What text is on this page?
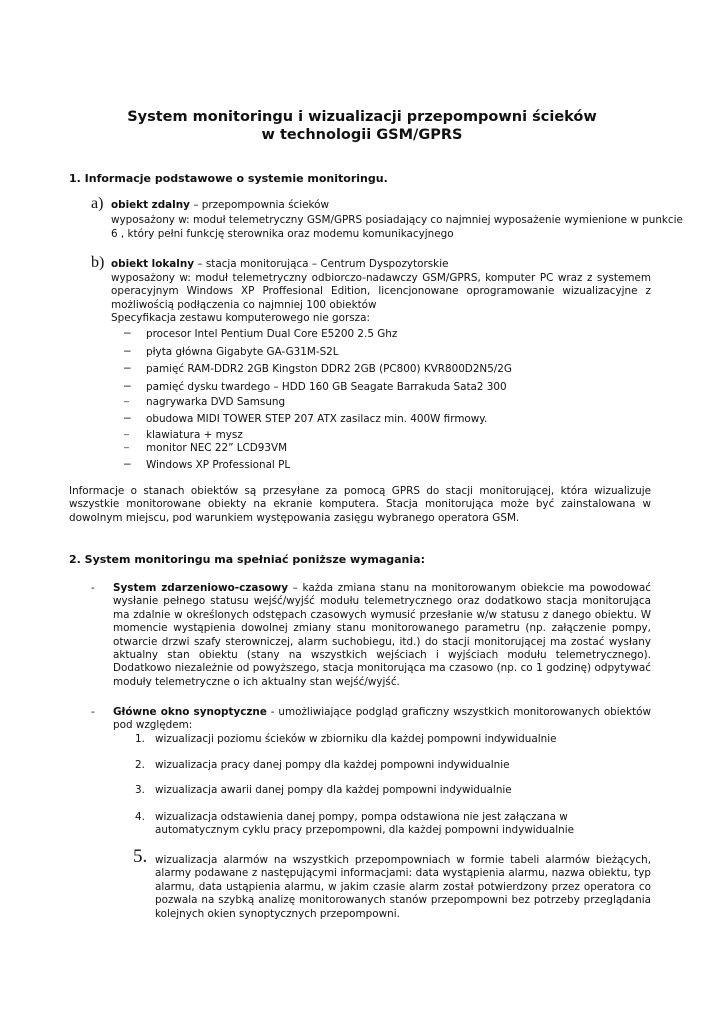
System monitoringu i wizualizacji przepompowni ścieków
w technologii GSM/GPRS
1. Informacje podstawowe o systemie monitoringu.
a) obiekt zdalny – przepompownia ścieków
wyposażony w: moduł telemetryczny GSM/GPRS posiadający co najmniej wyposażenie wymienione w punkcie
6 , który pełni funkcję sterownika oraz modemu komunikacyjnego
b) obiekt lokalny – stacja monitorująca – Centrum Dyspozytorskie
wyposażony w: moduł telemetryczny odbiorczo-nadawczy GSM/GPRS, komputer PC wraz z systemem operacyjnym Windows XP Proffesional Edition, licencjonowane oprogramowanie wizualizacyjne z możliwością podłączenia co najmniej 100 obiektów
Specyfikacja zestawu komputerowego nie gorsza:
– procesor Intel Pentium Dual Core E5200 2.5 Ghz
– płyta główna Gigabyte GA-G31M-S2L
– pamięć RAM-DDR2 2GB Kingston DDR2 2GB (PC800) KVR800D2N5/2G
– pamięć dysku twardego – HDD 160 GB Seagate Barrakuda Sata2 300
– nagrywarka DVD Samsung
– obudowa MIDI TOWER STEP 207 ATX zasilacz min. 400W firmowy.
– klawiatura + mysz
– monitor NEC 22” LCD93VM
– Windows XP Professional PL
Informacje o stanach obiektów są przesyłane za pomocą GPRS do stacji monitorującej, która wizualizuje wszystkie monitorowane obiekty na ekranie komputera. Stacja monitorująca może być zainstalowana w dowolnym miejscu, pod warunkiem występowania zasięgu wybranego operatora GSM.
2. System monitoringu ma spełniać poniższe wymagania:
- System zdarzeniowo-czasowy – każda zmiana stanu na monitorowanym obiekcie ma powodować wysłanie pełnego statusu wejść/wyjść modułu telemetrycznego oraz dodatkowo stacja monitorująca ma zdalnie w określonych odstępach czasowych wymusić przesłanie w/w statusu z danego obiektu. W momencie wystąpienia dowolnej zmiany stanu monitorowanego parametru (np. załączenie pompy, otwarcie drzwi szafy sterowniczej, alarm suchobiegu, itd.) do stacji monitorującej ma zostać wysłany aktualny stan obiektu (stany na wszystkich wejściach i wyjściach modułu telemetrycznego). Dodatkowo niezależnie od powyższego, stacja monitorująca ma czasowo (np. co 1 godzinę) odpytywać moduły telemetryczne o ich aktualny stan wejść/wyjść.
- Główne okno synoptyczne - umożliwiające podgląd graficzny wszystkich monitorowanych obiektów pod względem:
1. wizualizacji poziomu ścieków w zbiorniku dla każdej pompowni indywidualnie
2. wizualizacja pracy danej pompy dla każdej pompowni indywidualnie
3. wizualizacja awarii danej pompy dla każdej pompowni indywidualnie
4. wizualizacja odstawienia danej pompy, pompa odstawiona nie jest załączana w automatycznym cyklu pracy przepompowni, dla każdej pompowni indywidualnie
5. wizualizacja alarmów na wszystkich przepompowniach w formie tabeli alarmów bieżących, alarmy podawane z następującymi informacjami: data wystąpienia alarmu, nazwa obiektu, typ alarmu, data ustąpienia alarmu, w jakim czasie alarm został potwierdzony przez operatora co pozwala na szybką analizę monitorowanych stanów przepompowni bez potrzeby przeglądania kolejnych okien synoptycznych przepompowni.
